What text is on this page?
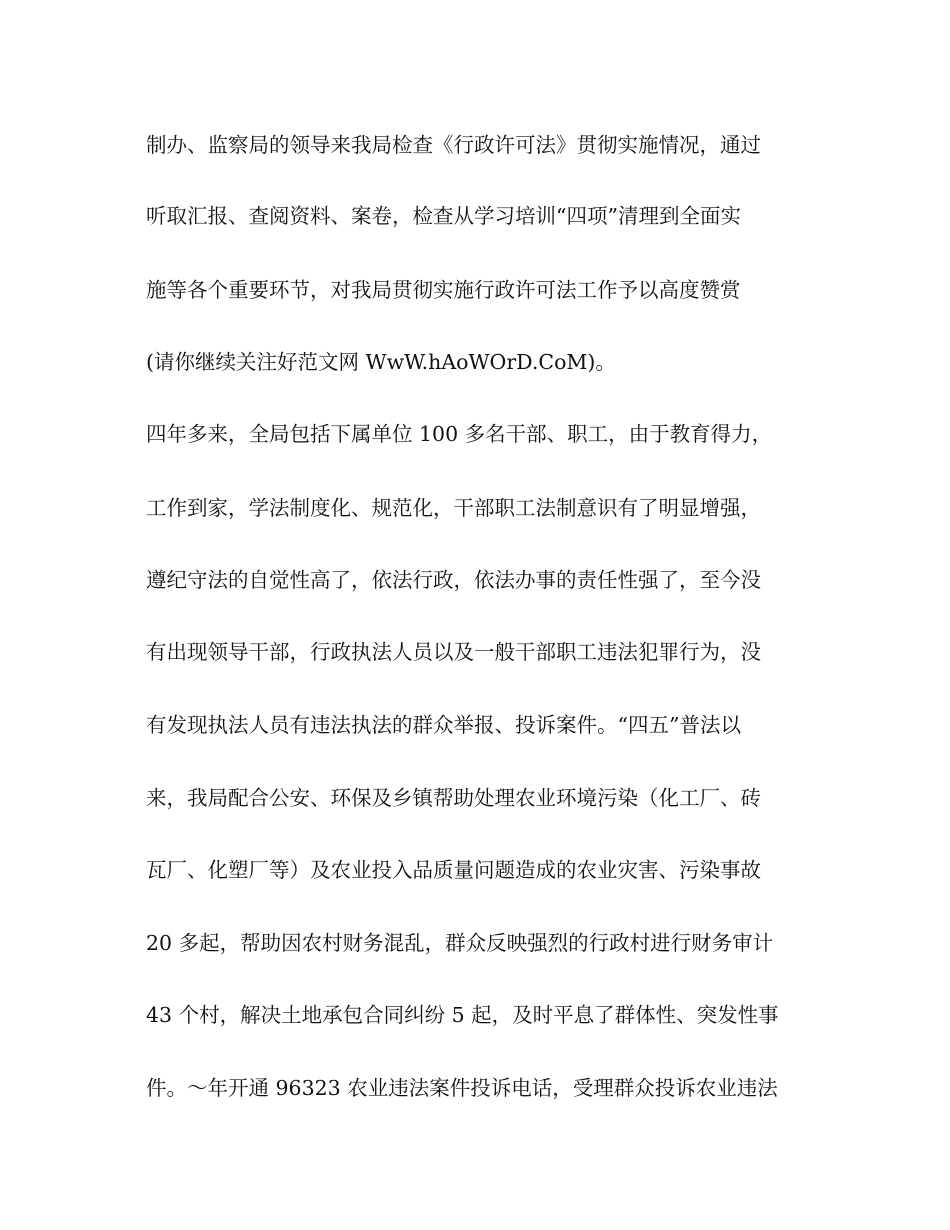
制办、监察局的领导来我局检查《行政许可法》贯彻实施情况，通过
听取汇报、查阅资料、案卷，检查从学习培训“四项”清理到全面实
施等各个重要环节，对我局贯彻实施行政许可法工作予以高度赞赏
(请你继续关注好范文网 WwW.hAoWOrD.CoM)。
四年多来，全局包括下属单位 100 多名干部、职工，由于教育得力，
工作到家，学法制度化、规范化，干部职工法制意识有了明显增强，
遵纪守法的自觉性高了，依法行政，依法办事的责任性强了，至今没
有出现领导干部，行政执法人员以及一般干部职工违法犯罪行为，没
有发现执法人员有违法执法的群众举报、投诉案件。“四五”普法以
来，我局配合公安、环保及乡镇帮助处理农业环境污染（化工厂、砖
瓦厂、化塑厂等）及农业投入品质量问题造成的农业灾害、污染事故
20 多起，帮助因农村财务混乱，群众反映强烈的行政村进行财务审计
43 个村，解决土地承包合同纠纷 5 起，及时平息了群体性、突发性事
件。～年开通 96323 农业违法案件投诉电话，受理群众投诉农业违法
